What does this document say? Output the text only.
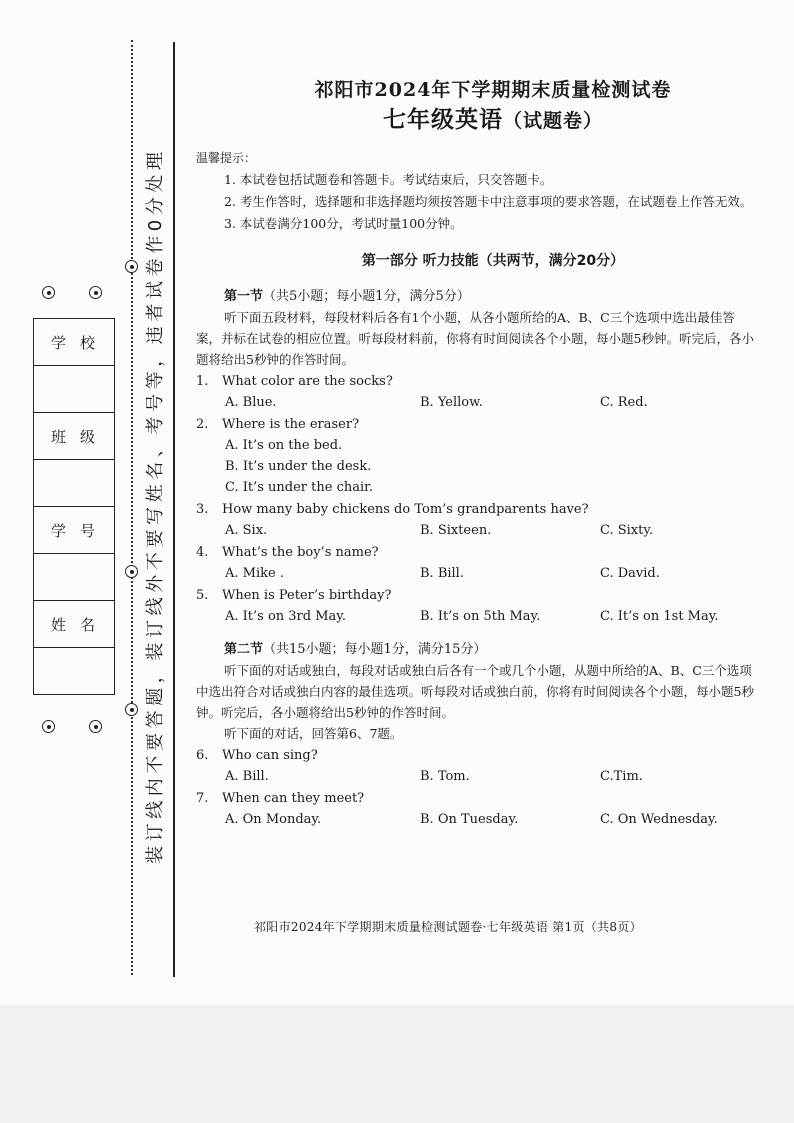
装订线内不要答题，装订线外不要写姓名、考号等，违者试卷作0分处理
学校
班级
学号
姓名
祁阳市2024年下学期期末质量检测试卷
七年级英语（试题卷）
温馨提示：
1. 本试卷包括试题卷和答题卡。考试结束后，只交答题卡。
2. 考生作答时，选择题和非选择题均须按答题卡中注意事项的要求答题，在试题卷上作答无效。
3. 本试卷满分100分，考试时量100分钟。
第一部分 听力技能（共两节，满分20分）
第一节（共5小题；每小题1分，满分5分）
听下面五段材料，每段材料后各有1个小题，从各小题所给的A、B、C三个选项中选出最佳答案，并标在试卷的相应位置。听每段材料前，你将有时间阅读各个小题，每小题5秒钟。听完后，各小题将给出5秒钟的作答时间。
1.	What color are the socks?
A. Blue.	B. Yellow.	C. Red.
2.	Where is the eraser?
A. It’s on the bed.
B. It’s under the desk.
C. It’s under the chair.
3.	How many baby chickens do Tom’s grandparents have?
A. Six.	B. Sixteen.	C. Sixty.
4.	What’s the boy’s name?
A. Mike .	B. Bill.	C. David.
5.	When is Peter’s birthday?
A. It’s on 3rd May.	B. It’s on 5th May.	C. It’s on 1st May.
第二节（共15小题；每小题1分，满分15分）
听下面的对话或独白，每段对话或独白后各有一个或几个小题，从题中所给的A、B、C三个选项中选出符合对话或独白内容的最佳选项。听每段对话或独白前，你将有时间阅读各个小题，每小题5秒钟。听完后，各小题将给出5秒钟的作答时间。
听下面的对话，回答第6、7题。
6.	Who can sing?
A. Bill.	B. Tom.	C.Tim.
7.	When can they meet?
A. On Monday.	B. On Tuesday.	C. On Wednesday.
祁阳市2024年下学期期末质量检测试题卷·七年级英语 第1页（共8页）
